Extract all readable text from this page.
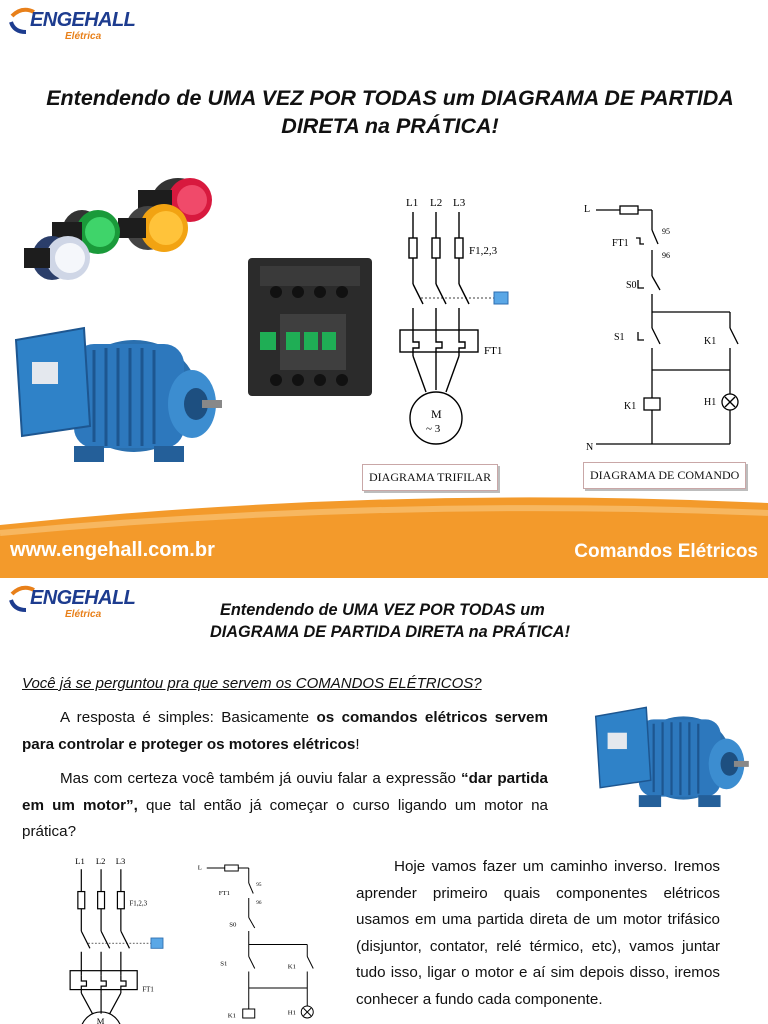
ENGEHALL
Elétrica
Entendendo de UMA VEZ POR TODAS um DIAGRAMA DE PARTIDA DIRETA na PRÁTICA!
L1 L2 L3
F1,2,3
FT1
M
~ 3
L
FT1
95
96
S0
S1	K1
K1	H1
N
DIAGRAMA TRIFILAR	DIAGRAMA DE COMANDO
www.engehall.com.br	Comandos Elétricos
ENGEHALL
Elétrica	Entendendo de UMA VEZ POR TODAS um DIAGRAMA DE PARTIDA DIRETA na PRÁTICA!
Você já se perguntou pra que servem os COMANDOS ELÉTRICOS?
A resposta é simples: Basicamente os comandos elétricos servem para controlar e proteger os motores elétricos!
Mas com certeza você também já ouviu falar a expressão “dar partida em um motor”, que tal então já começar o curso ligando um motor na prática?
L1 L2 L3
F1,2,3
FT1
M
L
FT1
95
96
S0
S1	K1
K1	H1
Hoje vamos fazer um caminho inverso. Iremos aprender primeiro quais componentes elétricos usamos em uma partida direta de um motor trifásico (disjuntor, contator, relé térmico, etc), vamos juntar tudo isso, ligar o motor e aí sim depois disso, iremos conhecer a fundo cada componente.
